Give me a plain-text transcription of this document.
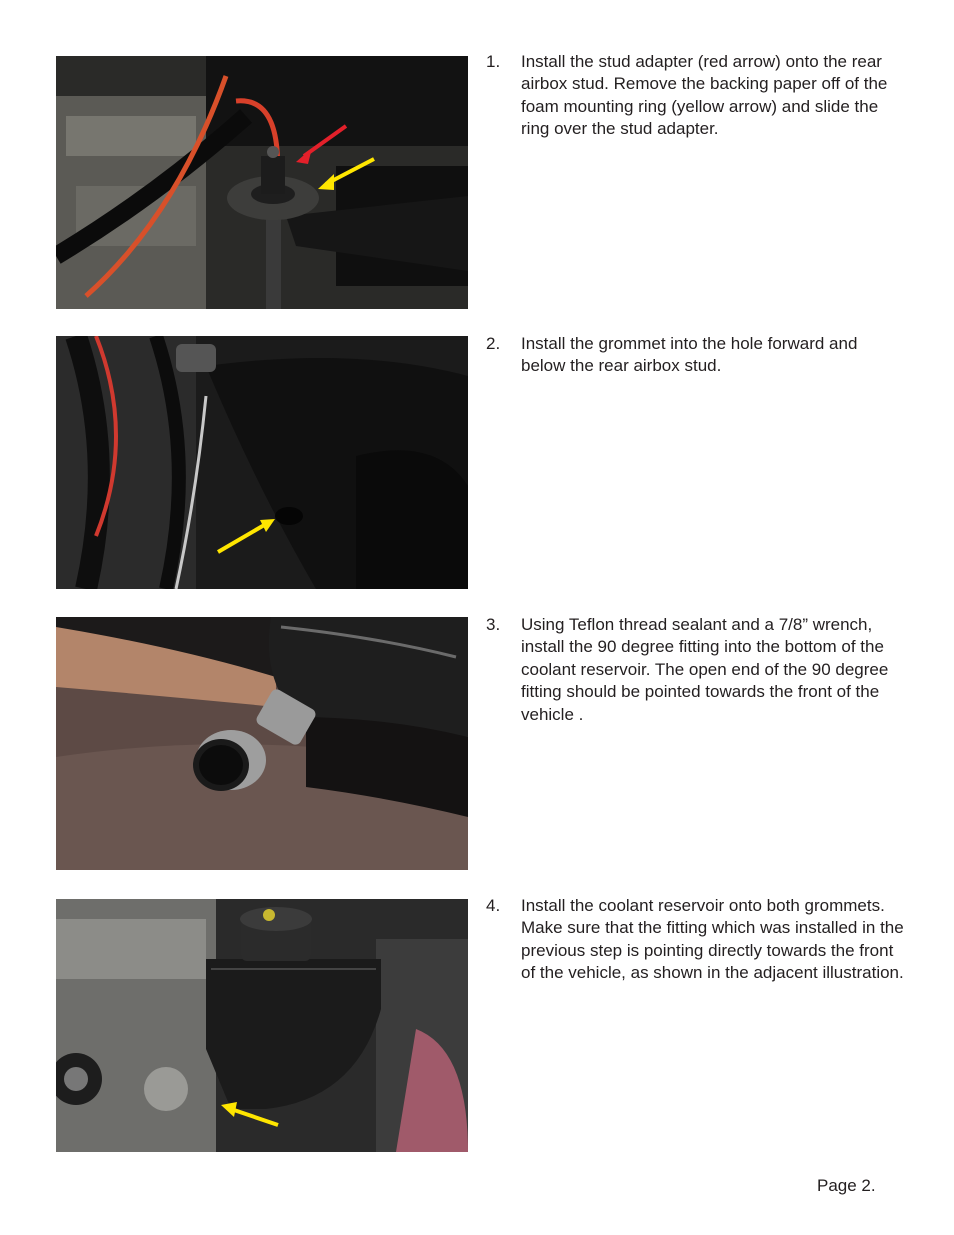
1. Install the stud adapter (red arrow) onto the rear airbox stud. Remove the backing paper off of the foam mounting ring (yellow arrow) and slide the ring over the stud adapter.
2. Install the grommet into the hole forward and below the rear airbox stud.
3. Using Teflon thread sealant and a 7/8” wrench, install the 90 degree fitting into the bottom of the coolant reservoir. The open end of the 90 degree fitting should be pointed towards the front of the vehicle .
4. Install the coolant reservoir onto both grommets. Make sure that the fitting which was installed in the previous step is pointing directly towards the front of the vehicle, as shown in the adjacent illustration.
Page 2.
